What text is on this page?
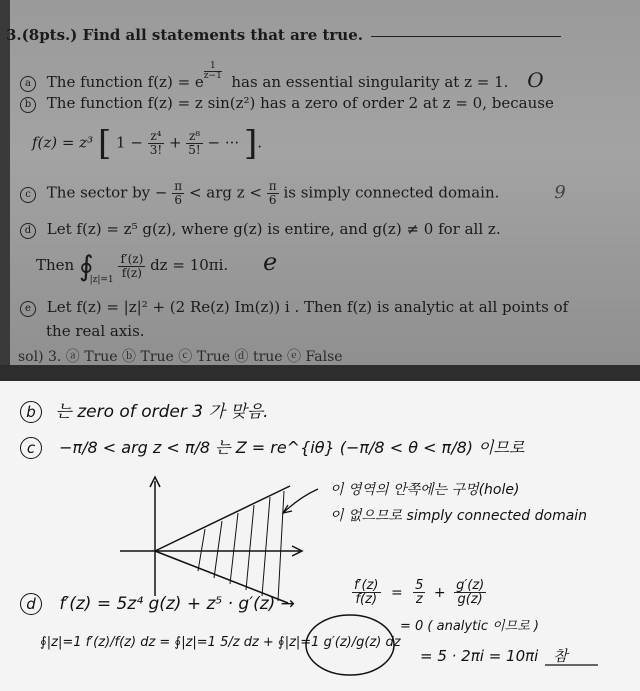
3.(8pts.) Find all statements that are true.
a The function f(z) = e
$^{\frac{1}{z-1}}$
has an essential singularity at z = 1. O
b The function f(z) = z sin(z²) has a zero of order 2 at z = 0, because
f(z) = z³ [ $1 - \frac{\text{z⁴}}{3!} + \frac{\text{z⁸}}{5!}$ − ··· ].
c The sector by − $\frac{\pi}{6}$ < arg $z < \frac{\pi}{6}$ is simply connected domain.	9
d Let f(z) = z⁵ g(z), where g(z) is entire, and g(z) ≠ 0 for all z.
Then $∮_{|z|=1}$
$\frac{f'(z)}{f(z)}$ dz = 10πi. e
e Let f(z) = |z|² + (2 Re(z) Im(z)) i . Then f(z) is analytic at all points of
the real axis.
sol) 3. ⓐ True ⓑ True ⓒ True ⓓ true ⓔ False
b 는 zero of order 3 가 맞음.
c −π/8 < arg z < π/8 는 Z = re^{iθ} (−π/8 < θ < π/8) 이므로
이 영역의 안쪽에는 구멍(hole)
이 없으므로 simply connected domain
d f′(z) = 5z⁴ g(z) + z⁵ · g′(z) →	$\frac{f'(z)}{f(z)} = \frac{5}{z} + \frac{g'(z)}{g(z)}$
∮|z|=1 f′(z)/f(z) dz = ∮|z|=1 5/z dz + ∮|z|=1 g′(z)/g(z) dz
= 0 ( analytic 이므로 )
= 5 · 2πi = 10πi 참
